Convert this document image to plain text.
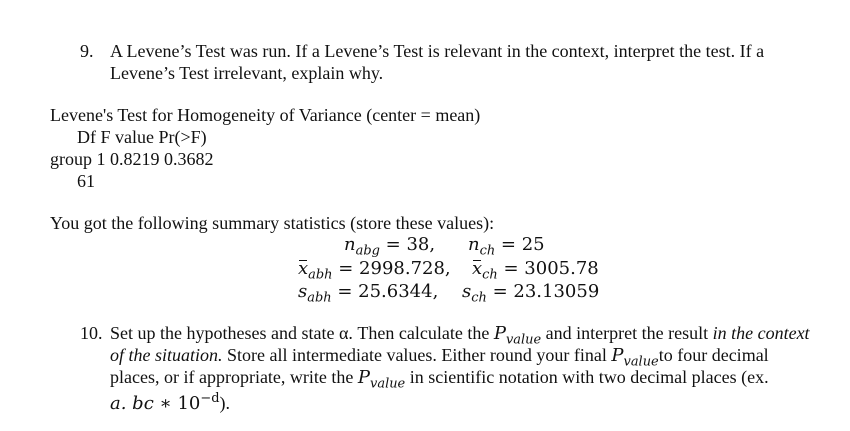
9. A Levene’s Test was run. If a Levene’s Test is relevant in the context, interpret the test. If a
Levene’s Test irrelevant, explain why.
Levene's Test for Homogeneity of Variance (center = mean)
Df F value Pr(>F)
group 1 0.8219 0.3682
61
You got the following summary statistics (store these values):
$n_{abg} = 38$, $n_{ch} = 25$
$x_{abh} = 2998.728$, $x_{ch} = 3005.78$
$s_{abh} = 25.6344$, $s_{ch} = 23.13059$
10. Set up the hypotheses and state α. Then calculate the $P_{value}$ and interpret the result in the context
of the situation. Store all intermediate values. Either round your final $P_{value}to$ four decimal
places, or if appropriate, write the $P_{value}$ in scientific notation with two decimal places (ex.
a. bc ∗ $10^{-d}$).
